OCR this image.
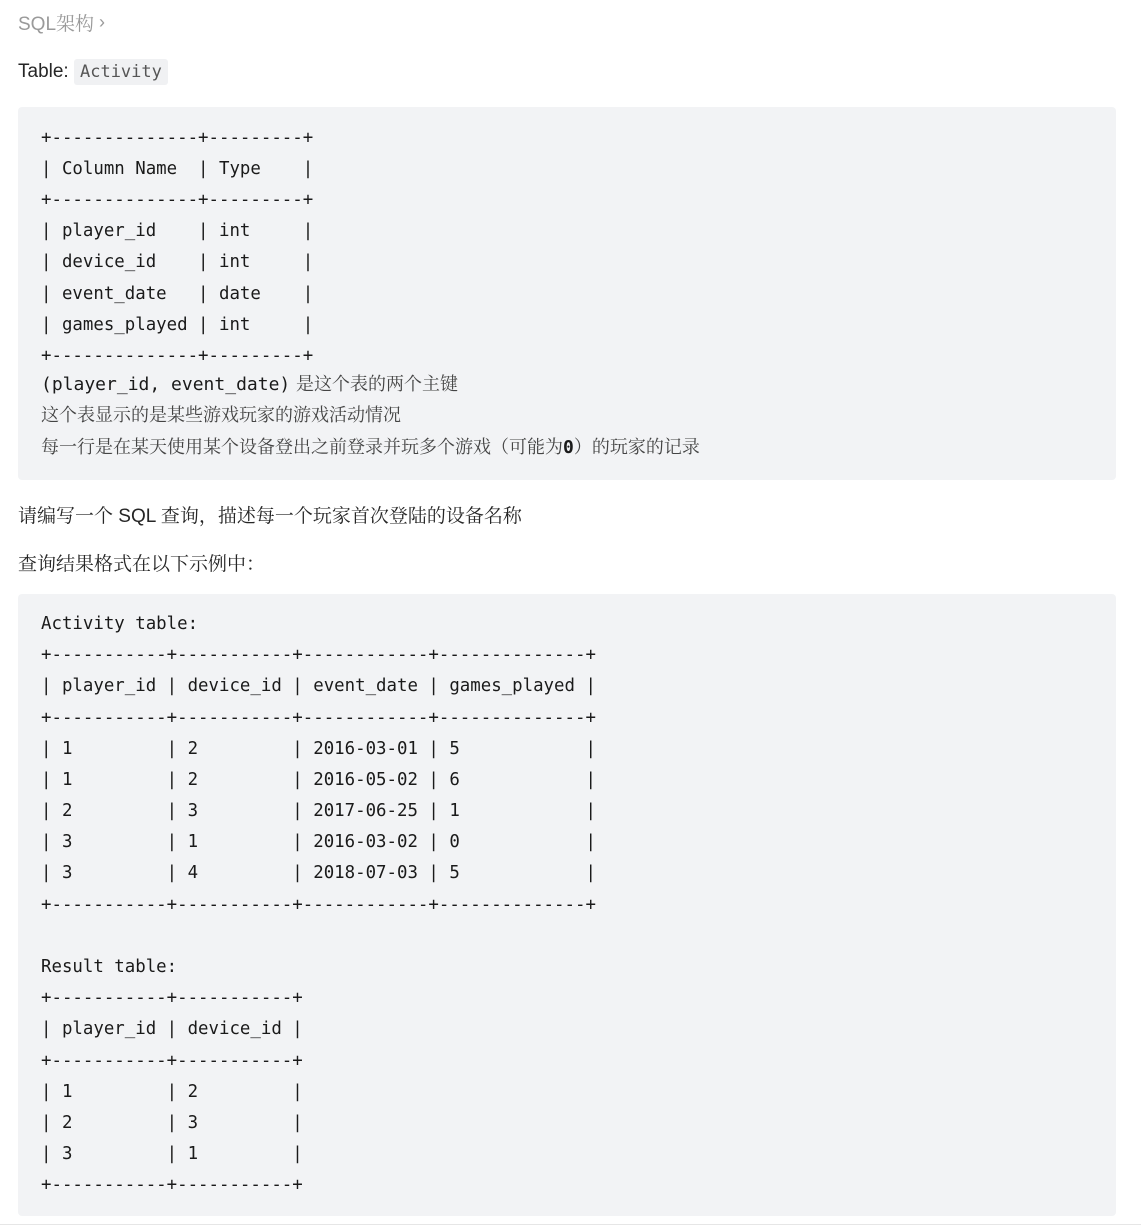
SQL架构 ›
Table: Activity
+--------------+---------+
| Column Name  | Type    |
+--------------+---------+
| player_id    | int     |
| device_id    | int     |
| event_date   | date    |
| games_played | int     |
+--------------+---------+
(player_id, event_date) 是这个表的两个主键
这个表显示的是某些游戏玩家的游戏活动情况
每一行是在某天使用某个设备登出之前登录并玩多个游戏（可能为0）的玩家的记录
请编写一个 SQL 查询，描述每一个玩家首次登陆的设备名称
查询结果格式在以下示例中：
Activity table:
+-----------+-----------+------------+--------------+
| player_id | device_id | event_date | games_played |
+-----------+-----------+------------+--------------+
| 1         | 2         | 2016-03-01 | 5            |
| 1         | 2         | 2016-05-02 | 6            |
| 2         | 3         | 2017-06-25 | 1            |
| 3         | 1         | 2016-03-02 | 0            |
| 3         | 4         | 2018-07-03 | 5            |
+-----------+-----------+------------+--------------+
Result table:
+-----------+-----------+
| player_id | device_id |
+-----------+-----------+
| 1         | 2         |
| 2         | 3         |
| 3         | 1         |
+-----------+-----------+
